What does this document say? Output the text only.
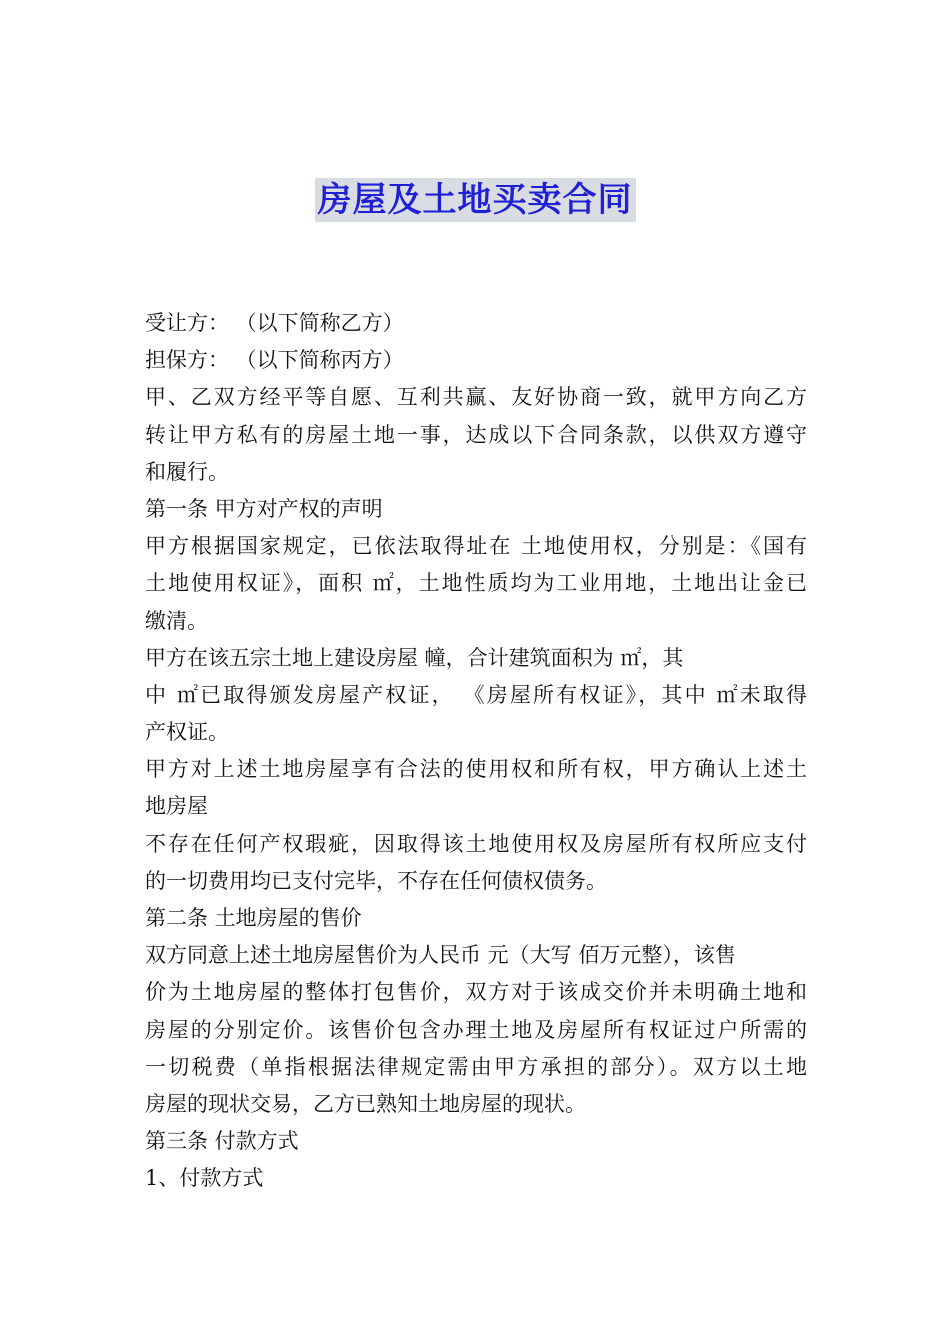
房屋及土地买卖合同
受让方： （以下简称乙方）
担保方： （以下简称丙方）
甲、乙双方经平等自愿、互利共赢、友好协商一致，就甲方向乙方
转让甲方私有的房屋土地一事，达成以下合同条款，以供双方遵守
和履行。
第一条 甲方对产权的声明
甲方根据国家规定，已依法取得址在 土地使用权，分别是：《国有
土地使用权证》，面积 ㎡，土地性质均为工业用地，土地出让金已
缴清。
甲方在该五宗土地上建设房屋 幢，合计建筑面积为 ㎡，其
中 ㎡已取得颁发房屋产权证， 《房屋所有权证》，其中 ㎡未取得
产权证。
甲方对上述土地房屋享有合法的使用权和所有权，甲方确认上述土
地房屋
不存在任何产权瑕疵，因取得该土地使用权及房屋所有权所应支付
的一切费用均已支付完毕，不存在任何债权债务。
第二条 土地房屋的售价
双方同意上述土地房屋售价为人民币 元（大写 佰万元整），该售
价为土地房屋的整体打包售价，双方对于该成交价并未明确土地和
房屋的分别定价。该售价包含办理土地及房屋所有权证过户所需的
一切税费（单指根据法律规定需由甲方承担的部分）。双方以土地
房屋的现状交易，乙方已熟知土地房屋的现状。
第三条 付款方式
1、付款方式
